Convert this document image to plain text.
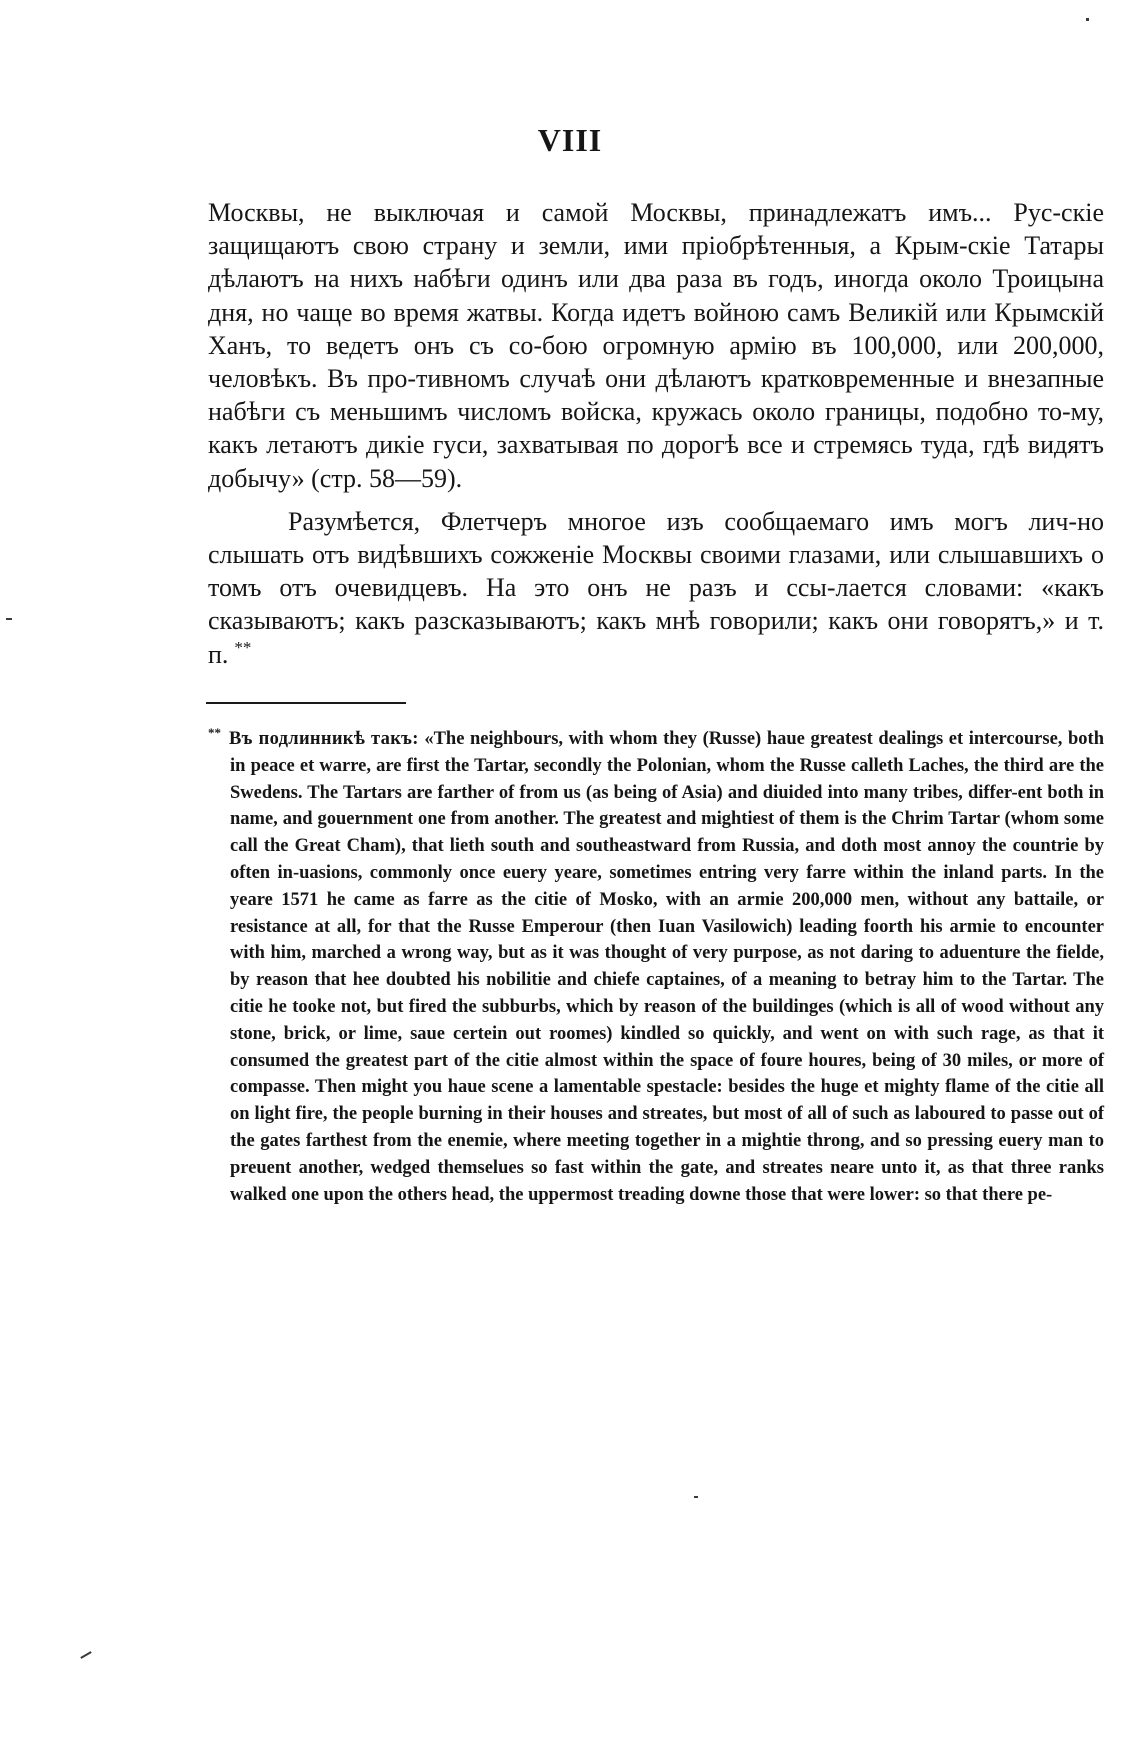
VIII

Москвы, не выключая и самой Москвы, принадлежатъ имъ... Рус-скіе защищаютъ свою страну и земли, ими пріобрѣтенныя, а Крым-скіе Татары дѣлаютъ на нихъ набѣги одинъ или два раза въ годъ, иногда около Троицына дня, но чаще во время жатвы. Когда идетъ войною самъ Великій или Крымскій Ханъ, то ведетъ онъ съ со-бою огромную армію въ 100,000, или 200,000, человѣкъ. Въ про-тивномъ случаѣ они дѣлаютъ кратковременные и внезапные набѣги съ меньшимъ числомъ войска, кружась около границы, подобно то-му, какъ летаютъ дикіе гуси, захватывая по дорогѣ все и стремясь туда, гдѣ видятъ добычу» (стр. 58—59).

Разумѣется, Флетчеръ многое изъ сообщаемаго имъ могъ лич-но слышать отъ видѣвшихъ сожженіе Москвы своими глазами, или слышавшихъ о томъ отъ очевидцевъ. На это онъ не разъ и ссы-лается словами: «какъ сказываютъ; какъ разсказываютъ; какъ мнѣ говорили; какъ они говорятъ,» и т. п. **

** Въ подлинникѣ такъ: «The neighbours, with whom they (Russe) haue greatest dealings et intercourse, both in peace et warre, are first the Tartar, secondly the Polonian, whom the Russe calleth Laches, the third are the Swedens. The Tartars are farther of from us (as being of Asia) and diuided into many tribes, differ-ent both in name, and gouernment one from another. The greatest and mightiest of them is the Chrim Tartar (whom some call the Great Cham), that lieth south and southeastward from Russia, and doth most annoy the countrie by often in-uasions, commonly once euery yeare, sometimes entring very farre within the inland parts. In the yeare 1571 he came as farre as the citie of Mosko, with an armie 200,000 men, without any battaile, or resistance at all, for that the Russe Emperour (then Iuan Vasilowich) leading foorth his armie to encounter with him, marched a wrong way, but as it was thought of very purpose, as not daring to aduenture the fielde, by reason that hee doubted his nobilitie and chiefe captaines, of a meaning to betray him to the Tartar. The citie he tooke not, but fired the subburbs, which by reason of the buildinges (which is all of wood without any stone, brick, or lime, saue certein out roomes) kindled so quickly, and went on with such rage, as that it consumed the greatest part of the citie almost within the space of foure houres, being of 30 miles, or more of compasse. Then might you haue scene a lamentable spestacle: besides the huge et mighty flame of the citie all on light fire, the people burning in their houses and streates, but most of all of such as laboured to passe out of the gates farthest from the enemie, where meeting together in a mightie throng, and so pressing euery man to preuent another, wedged themselues so fast within the gate, and streates neare unto it, as that three ranks walked one upon the others head, the uppermost treading downe those that were lower: so that there pe-
